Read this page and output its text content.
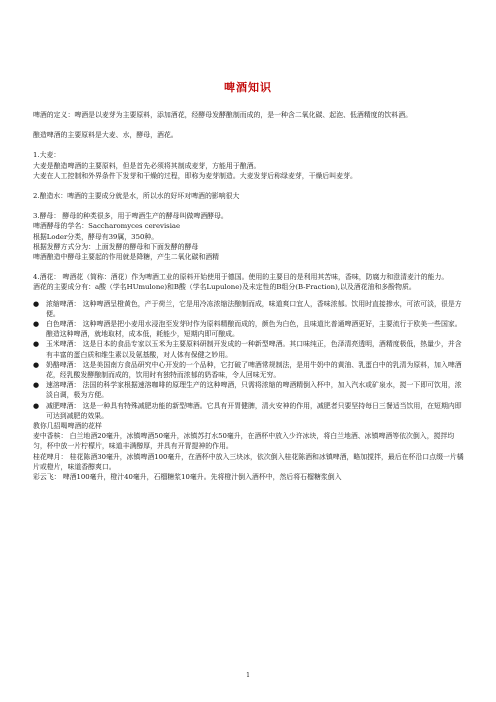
啤酒知识

啤酒的定义：啤酒是以麦芽为主要原料，添加酒花，经酵母发酵酿制而成的，是一种含二氧化碳、起泡、低酒精度的饮料酒。

酿造啤酒的主要原料是大麦、水，酵母，酒花。

1.大麦：

大麦是酿造啤酒的主要原料，但是首先必须将其制成麦芽，方能用于酿酒。

大麦在人工控制和外界条件下发芽和干燥的过程，即称为麦芽制造。大麦发芽后称绿麦芽，干燥后叫麦芽。

2.酿造水：啤酒的主要成分就是水，所以水的好坏对啤酒的影响很大

3.酵母： 酵母的种类很多，用于啤酒生产的酵母叫做啤酒酵母。

啤酒酵母的学名：Saccharomyces cerevisiae

根据Loder分类，酵母有39属，350种。

根据发酵方式分为：上面发酵的酵母和下面发酵的酵母

啤酒酿造中酵母主要起的作用就是降糖，产生二氧化碳和酒精

4.酒花： 啤酒花（简称：酒花）作为啤酒工业的原料开始使用于德国。使用的主要目的是利用其苦味，香味，防腐力和澄清麦汁的能力。

酒花的主要成分有：a酸（学名HUmulone)和B酸（学名Lupulone)及未定性的B组分(B-Fraction),以及酒花油和多酚物质。

● 浓缩啤酒： 这种啤酒呈橙黄色，产于荷兰，它是用冷冻浓缩法酿制而成，味道爽口宜人，香味浓郁。饮用时直接掺水，可浓可淡，很是方便。
● 白色啤酒： 这种啤酒是把小麦用水浸泡至发芽时作为原料精酿而成的，颜色为白色，且味道比普通啤酒更好，主要流行于欧美一些国家。酿造这种啤酒，就地取材，成本低，耗能少，短期内即可酿成。
● 玉米啤酒： 这是日本的食品专家以玉米为主要原料研制开发成的一种新型啤酒。其口味纯正，色泽清亮透明，酒精度极低，热量少，并含有丰富的蛋白质和维生素以及氨基酸，对人体有保健之妙用。
● 奶酪啤酒： 这是美国南方食品研究中心开发的一个品种，它打破了啤酒常规制法，是用牛奶中的黄油、乳蛋白中的乳清为原料，加入啤酒花，经乳酸发酵酿制而成的，饮用时有独特而浓郁的奶香味，令人回味无穷。
● 速溶啤酒： 法国的科学家根据速溶咖啡的原理生产的这种啤酒，只需将浓缩的啤酒精倒入杯中，加入汽水或矿泉水，搅一下即可饮用，浓淡自调，极为方便。
● 减肥啤酒： 这是一种具有特殊减肥功能的新型啤酒。它具有开胃健脾，清火安神的作用，减肥者只要坚持每日三餐适当饮用，在短期内即可达到减肥的效果。

教你几招喝啤酒的花样

麦中香槟： 白兰地酒20毫升，冰镇啤酒50毫升，冰镇苏打水50毫升，在酒杯中放入少许冰块，将白兰地酒、冰镇啤酒等依次倒入，搅拌均匀，杯中放一片柠檬片，味道丰满醇厚，并具有开胃提神的作用。

桂花啤月： 桂花陈酒30毫升，冰镇啤酒100毫升，在酒杯中放入三块冰，依次倒入桂花陈酒和冰镇啤酒，略加搅拌，最后在杯沿口点缀一片橘片或橙片，味道香醇爽口。

彩云飞： 啤酒100毫升，橙汁40毫升，石榴糖浆10毫升。先将橙汁倒入酒杯中，然后将石榴糖浆倒入

1
